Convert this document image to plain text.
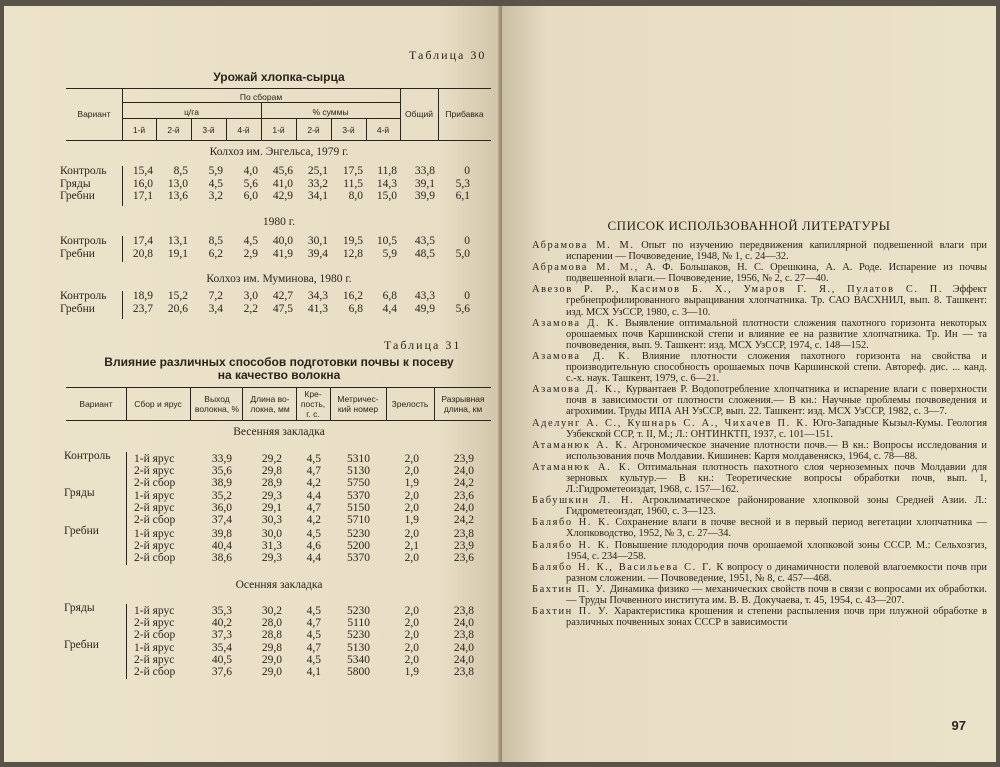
Таблица 30
Урожай хлопка-сырца
Вариант
По сборам
ц/га	% суммы	Общий	Прибавка
1-й	2-й	3-й	4-й	1-й	2-й	3-й	4-й
Колхоз им. Энгельса, 1979 г.
1980 г.
Колхоз им. Муминова, 1980 г.
Контроль 15,4 8,5 5,9 4,0 45,6 25,1 17,5 11,8 33,8	0
Гряды	16,0 13,0 4,5 5,6 41,0 33,2 11,5 14,3 39,1 5,3
Гребни	17,1 13,6 3,2 6,0 42,9 34,1 8,0 15,0 39,9 6,1
Контроль 17,4 13,1 8,5 4,5 40,0 30,1 19,5 10,5 43,5	0
Гребни	20,8 19,1 6,2 2,9 41,9 39,4 12,8 5,9 48,5 5,0
Контроль 18,9 15,2 7,2 3,0 42,7 34,3 16,2 6,8 43,3	0
Гребни	23,7 20,6 3,4 2,2 47,5 41,3 6,8 4,4 49,9 5,6
Таблица 31
Влияние различных способов подготовки почвы к посеву
на качество волокна
Вариант	Сбор и ярус	Выход волокна, %
Длина во-локна, мм
Кре-пость, г. с.
Метричес-кий номер	Зрелость	Разрывная длина, км
Весенняя закладка
Осенняя закладка
Контроль 1-й ярус	33,9	29,2 4,5 5310	2,0	23,9
2-й ярус	35,6	29,8 4,7 5130	2,0	24,0
2-й сбор	38,9	28,9 4,2 5750	1,9	24,2
Гряды	1-й ярус	35,2	29,3 4,4 5370	2,0	23,6
2-й ярус	36,0	29,1 4,7 5150	2,0	24,0
2-й сбор	37,4	30,3 4,2 5710	1,9	24,2
Гребни	1-й ярус	39,8	30,0 4,5 5230	2,0	23,8
2-й ярус	40,4	31,3 4,6 5200	2,1	23,9
2-й сбор	38,6	29,3 4,4 5370	2,0	23,6
Гряды	1-й ярус	35,3	30,2 4,5 5230	2,0	23,8
2-й ярус	40,2	28,0 4,7 5110	2,0	24,0
2-й сбор	37,3	28,8 4,5 5230	2,0	23,8
Гребни	1-й ярус	35,4	29,8 4,7 5130	2,0	24,0
2-й ярус	40,5	29,0 4,5 5340	2,0	24,0
2-й сбор	37,6	29,0 4,1 5800	1,9	23,8
СПИСОК ИСПОЛЬЗОВАННОЙ ЛИТЕРАТУРЫ

Абрамова М. М. Опыт по изучению передвижения капиллярной подвешенной влаги при испарении — Почвоведение, 1948, № 1, с. 24—32.

Абрамова М. М., А. Ф. Большаков, Н. С. Орешкина, А. А. Роде. Испарение из почвы подвешенной влаги.— Почвоведение, 1956, № 2, с. 27—40.

Авезов Р. Р., Касимов Б. Х., Умаров Г. Я., Пулатов С. П. Эффект гребнепрофилированного выращивания хлопчатника. Тр. САО ВАСХНИЛ, вып. 8. Ташкент: изд. МСХ УзССР, 1980, с. 3—10.

Азамова Д. К. Выявление оптимальной плотности сложения пахотного горизонта некоторых орошаемых почв Каршинской степи и влияние ее на развитие хлопчатника. Тр. Ин — та почвоведения, вып. 9. Ташкент: изд. МСХ УзССР, 1974, с. 148—152.

Азамова Д. К. Влияние плотности сложения пахотного горизонта на свойства и производительную способность орошаемых почв Каршинской степи. Автореф. дис. ... канд. с.-х. наук. Ташкент, 1979, с. 6—21.

Азамова Д. К., Курвантаев Р. Водопотребление хлопчатника и испарение влаги с поверхности почв в зависимости от плотности сложения.— В кн.: Научные проблемы почвоведения и агрохимии. Труды ИПА АН УзССР, вып. 22. Ташкент: изд. МСХ УзССР, 1982, с. 3—7.

Аделунг А. С., Кушнарь С. А., Чихачев П. К. Юго-Западные Кызыл-Кумы. Геология Узбекской ССР, т. II, М.; Л.: ОНТИНКТП, 1937, с. 101—151.

Атаманюк А. К. Агрономическое значение плотности почв.— В кн.: Вопросы исследования и использования почв Молдавии. Кишинев: Картя молдавеняскэ, 1964, с. 78—88.

Атаманюк А. К. Оптимальная плотность пахотного слоя черноземных почв Молдавии для зерновых культур.— В кн.: Теоретические вопросы обработки почв, вып. 1, Л.:Гидрометеоиздат, 1968, с. 157—162.

Бабушкин Л. Н. Агроклиматическое районирование хлопковой зоны Средней Азии. Л.: Гидрометеоиздат, 1960, с. 3—123.

Балябо Н. К. Сохранение влаги в почве весной и в первый период вегетации хлопчатника — Хлопководство, 1952, № 3, с. 27—34.

Балябо Н. К. Повышение плодородия почв орошаемой хлопковой зоны СССР. М.: Сельхозгиз, 1954, с. 234—258.

Балябо Н. К., Васильева С. Г. К вопросу о динамичности полевой влагоемкости почв при разном сложении. — Почвоведение, 1951, № 8, с. 457—468.

Бахтин П. У. Динамика физико — механических свойств почв в связи с вопросами их обработки.— Труды Почвенного института им. В. В. Докучаева, т. 45, 1954, с. 43—207.

Бахтин П. У. Характеристика крошения и степени распыления почв при плужной обработке в различных почвенных зонах СССР в зависимости

97
